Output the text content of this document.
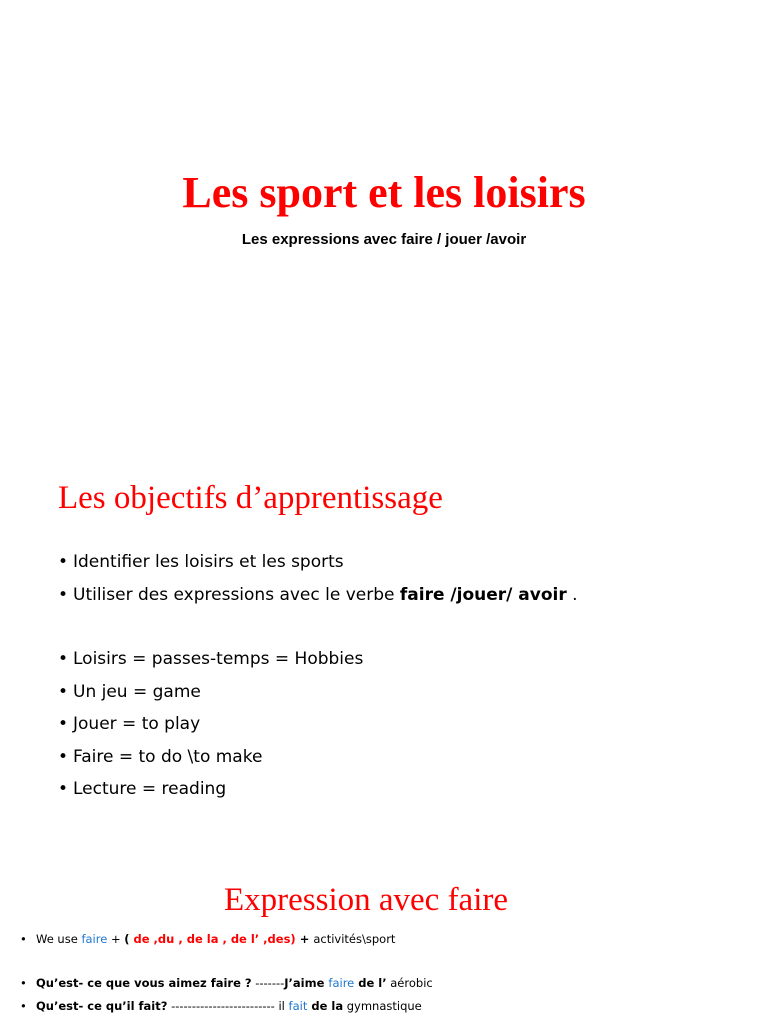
Les sport et les loisirs
Les expressions avec faire / jouer /avoir
Les objectifs d’apprentissage
• Identifier les loisirs et les sports
• Utiliser des expressions avec le verbe faire /jouer/ avoir .
• Loisirs = passes-temps = Hobbies
• Un jeu = game
• Jouer = to play
• Faire = to do \to make
• Lecture = reading
Expression avec faire
• We use faire + ( de ,du , de la , de l’ ,des) + activités\sport
• Qu’est- ce que vous aimez faire ? -------J’aime faire de l’ aérobic
• Qu’est- ce qu’il fait? ------------------------- il fait de la gymnastique
